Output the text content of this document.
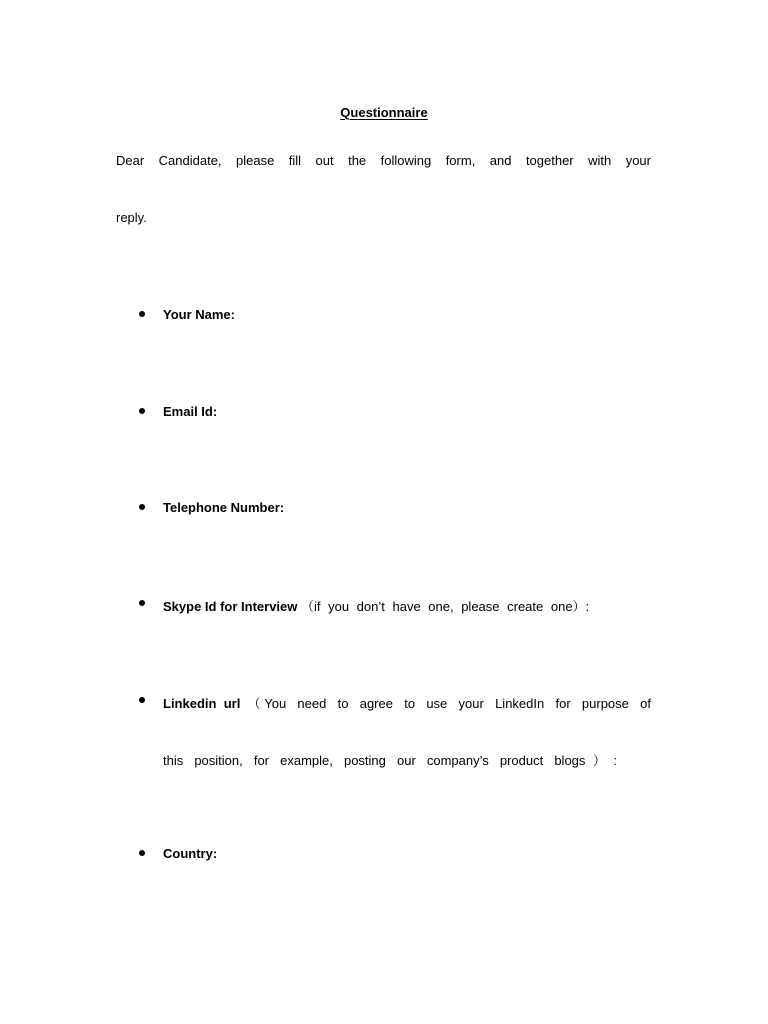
Questionnaire
Dear Candidate, please fill out the following form, and together with your
reply.
Your Name:
Email Id:
Telephone Number:
Skype Id for Interview （if you don’t have one, please create one）:
Linkedin url （You need to agree to use your LinkedIn for purpose of
this position, for example, posting our company’s product blogs）:
Country:
